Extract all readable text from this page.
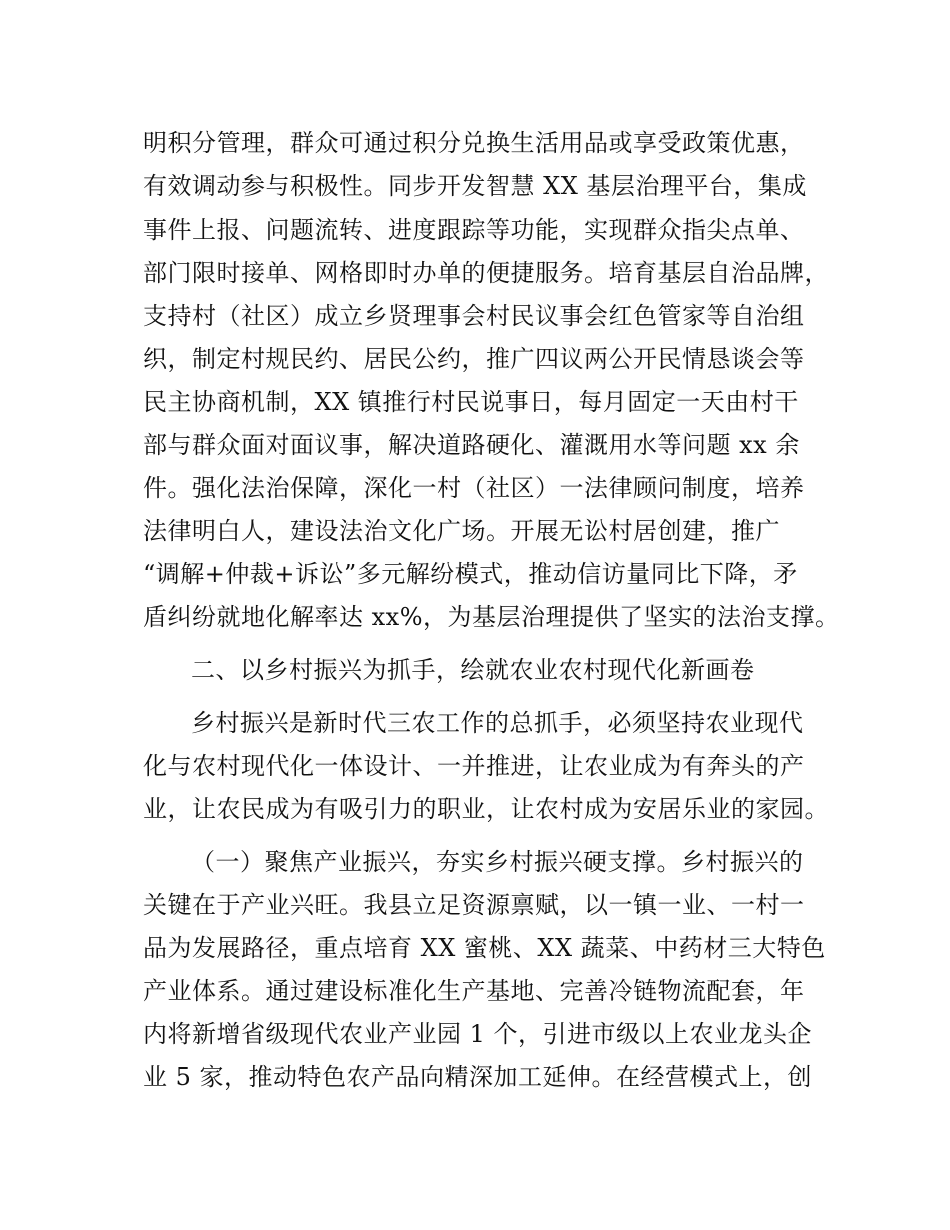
明积分管理，群众可通过积分兑换生活用品或享受政策优惠，
有效调动参与积极性。同步开发智慧 XX 基层治理平台，集成
事件上报、问题流转、进度跟踪等功能，实现群众指尖点单、
部门限时接单、网格即时办单的便捷服务。培育基层自治品牌，
支持村（社区）成立乡贤理事会村民议事会红色管家等自治组
织，制定村规民约、居民公约，推广四议两公开民情恳谈会等
民主协商机制，XX 镇推行村民说事日，每月固定一天由村干
部与群众面对面议事，解决道路硬化、灌溉用水等问题 xx 余
件。强化法治保障，深化一村（社区）一法律顾问制度，培养
法律明白人，建设法治文化广场。开展无讼村居创建，推广
“调解+仲裁+诉讼”多元解纷模式，推动信访量同比下降，矛
盾纠纷就地化解率达 xx%，为基层治理提供了坚实的法治支撑。
二、以乡村振兴为抓手，绘就农业农村现代化新画卷
乡村振兴是新时代三农工作的总抓手，必须坚持农业现代
化与农村现代化一体设计、一并推进，让农业成为有奔头的产
业，让农民成为有吸引力的职业，让农村成为安居乐业的家园。
（一）聚焦产业振兴，夯实乡村振兴硬支撑。乡村振兴的
关键在于产业兴旺。我县立足资源禀赋，以一镇一业、一村一
品为发展路径，重点培育 XX 蜜桃、XX 蔬菜、中药材三大特色
产业体系。通过建设标准化生产基地、完善冷链物流配套，年
内将新增省级现代农业产业园 1 个，引进市级以上农业龙头企
业 5 家，推动特色农产品向精深加工延伸。在经营模式上，创
